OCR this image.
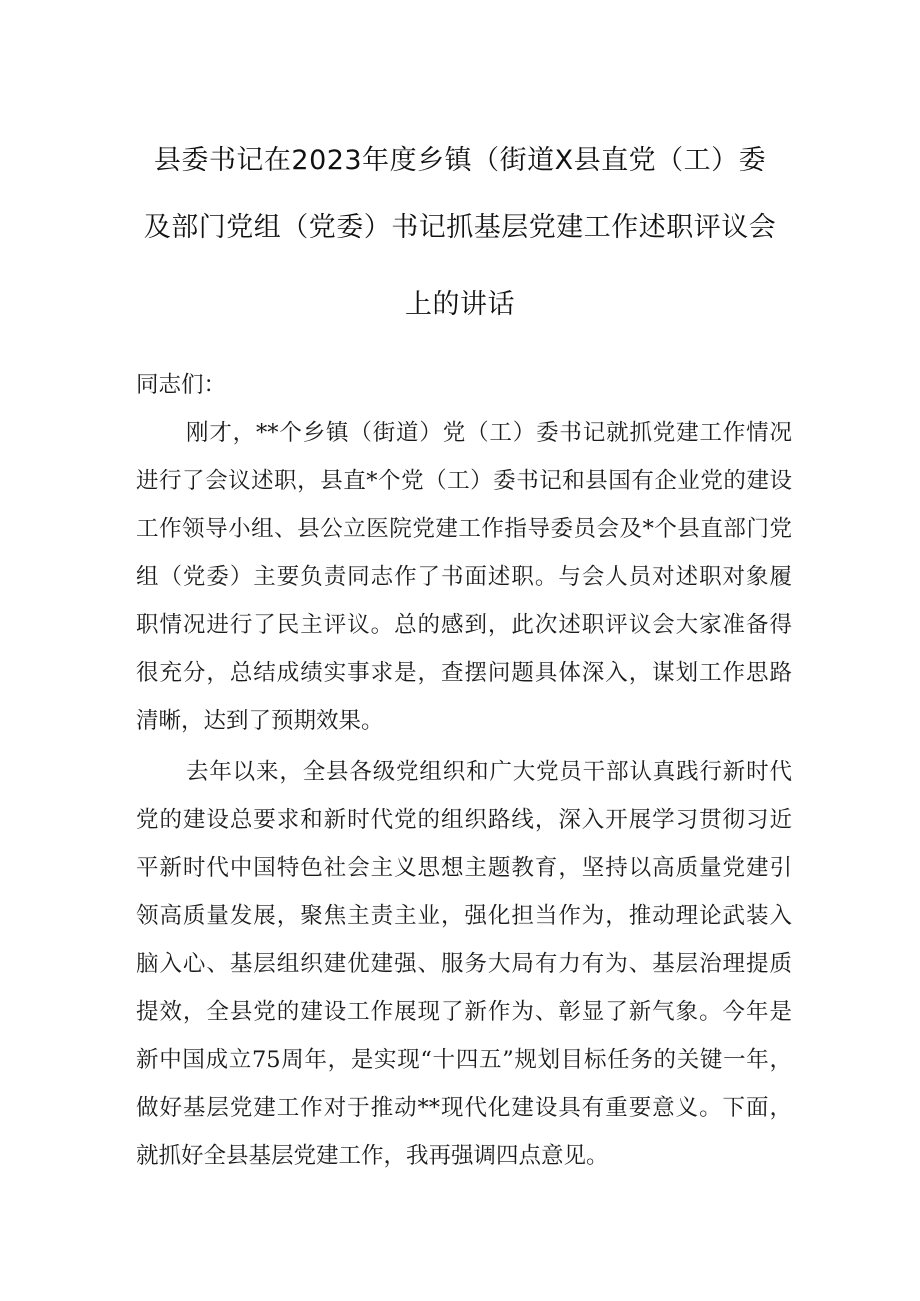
县委书记在2023年度乡镇（街道X县直党（工）委
及部门党组（党委）书记抓基层党建工作述职评议会
上的讲话
同志们：
刚才，**个乡镇（街道）党（工）委书记就抓党建工作情况
进行了会议述职，县直*个党（工）委书记和县国有企业党的建设
工作领导小组、县公立医院党建工作指导委员会及*个县直部门党
组（党委）主要负责同志作了书面述职。与会人员对述职对象履
职情况进行了民主评议。总的感到，此次述职评议会大家准备得
很充分，总结成绩实事求是，查摆问题具体深入，谋划工作思路
清晰，达到了预期效果。
去年以来，全县各级党组织和广大党员干部认真践行新时代
党的建设总要求和新时代党的组织路线，深入开展学习贯彻习近
平新时代中国特色社会主义思想主题教育，坚持以高质量党建引
领高质量发展，聚焦主责主业，强化担当作为，推动理论武装入
脑入心、基层组织建优建强、服务大局有力有为、基层治理提质
提效，全县党的建设工作展现了新作为、彰显了新气象。今年是
新中国成立75周年，是实现“十四五”规划目标任务的关键一年，
做好基层党建工作对于推动**现代化建设具有重要意义。下面，
就抓好全县基层党建工作，我再强调四点意见。
